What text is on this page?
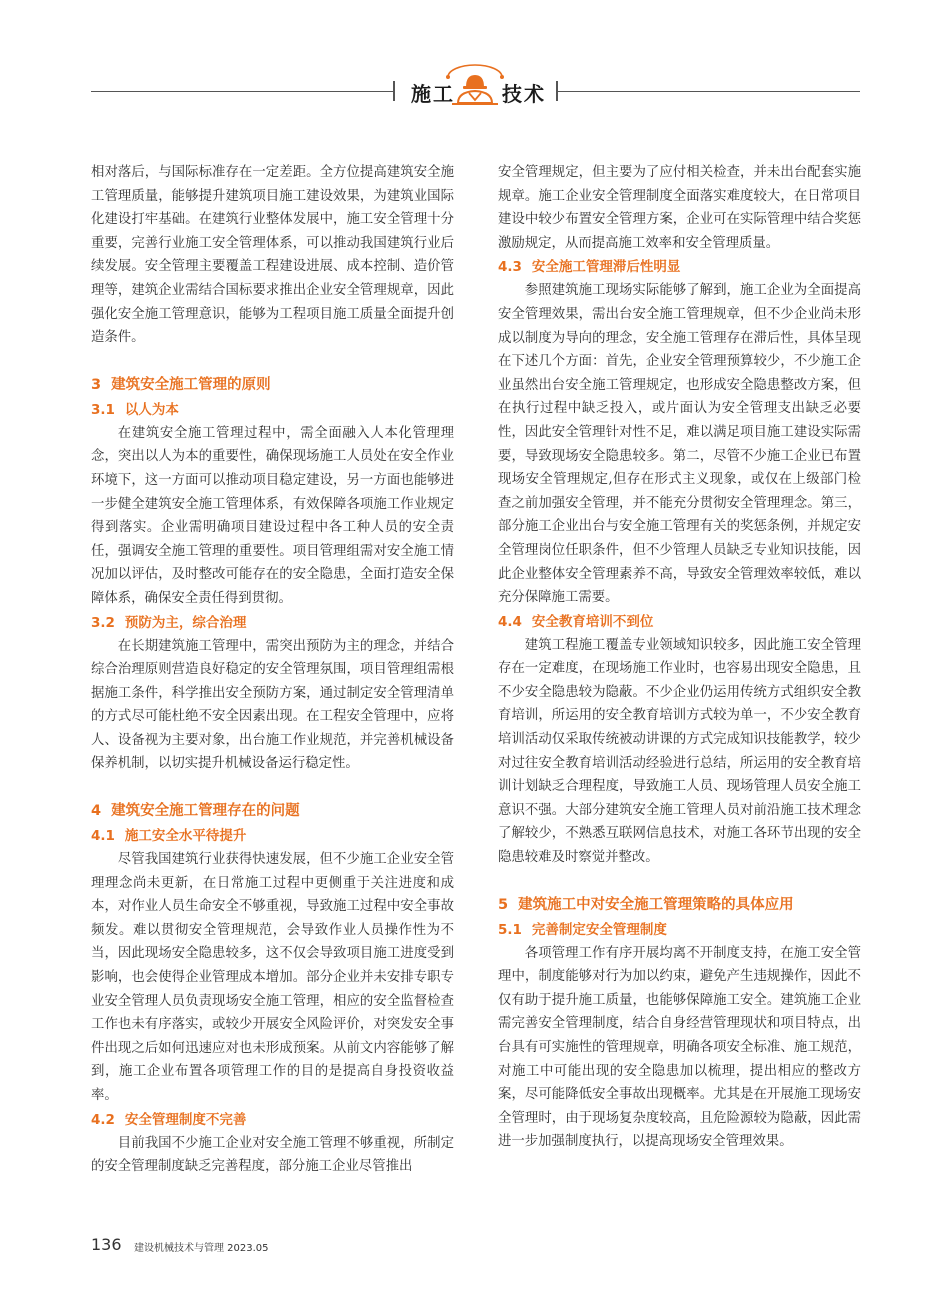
施工 技术

相对落后，与国际标准存在一定差距。全方位提高建筑安全施工管理质量，能够提升建筑项目施工建设效果，为建筑业国际化建设打牢基础。在建筑行业整体发展中，施工安全管理十分重要，完善行业施工安全管理体系，可以推动我国建筑行业后续发展。安全管理主要覆盖工程建设进展、成本控制、造价管理等，建筑企业需结合国标要求推出企业安全管理规章，因此强化安全施工管理意识，能够为工程项目施工质量全面提升创造条件。

3 建筑安全施工管理的原则
3.1 以人为本

在建筑安全施工管理过程中，需全面融入人本化管理理念，突出以人为本的重要性，确保现场施工人员处在安全作业环境下，这一方面可以推动项目稳定建设，另一方面也能够进一步健全建筑安全施工管理体系，有效保障各项施工作业规定得到落实。企业需明确项目建设过程中各工种人员的安全责任，强调安全施工管理的重要性。项目管理组需对安全施工情况加以评估，及时整改可能存在的安全隐患，全面打造安全保障体系，确保安全责任得到贯彻。

3.2 预防为主，综合治理

在长期建筑施工管理中，需突出预防为主的理念，并结合综合治理原则营造良好稳定的安全管理氛围，项目管理组需根据施工条件，科学推出安全预防方案，通过制定安全管理清单的方式尽可能杜绝不安全因素出现。在工程安全管理中，应将人、设备视为主要对象，出台施工作业规范，并完善机械设备保养机制，以切实提升机械设备运行稳定性。

4 建筑安全施工管理存在的问题
4.1 施工安全水平待提升

尽管我国建筑行业获得快速发展，但不少施工企业安全管理理念尚未更新，在日常施工过程中更侧重于关注进度和成本，对作业人员生命安全不够重视，导致施工过程中安全事故频发。难以贯彻安全管理规范，会导致作业人员操作性为不当，因此现场安全隐患较多，这不仅会导致项目施工进度受到影响，也会使得企业管理成本增加。部分企业并未安排专职专业安全管理人员负责现场安全施工管理，相应的安全监督检查工作也未有序落实，或较少开展安全风险评价，对突发安全事件出现之后如何迅速应对也未形成预案。从前文内容能够了解到，施工企业布置各项管理工作的目的是提高自身投资收益率。

4.2 安全管理制度不完善

目前我国不少施工企业对安全施工管理不够重视，所制定的安全管理制度缺乏完善程度，部分施工企业尽管推出

安全管理规定，但主要为了应付相关检查，并未出台配套实施规章。施工企业安全管理制度全面落实难度较大，在日常项目建设中较少布置安全管理方案，企业可在实际管理中结合奖惩激励规定，从而提高施工效率和安全管理质量。

4.3 安全施工管理滞后性明显

参照建筑施工现场实际能够了解到，施工企业为全面提高安全管理效果，需出台安全施工管理规章，但不少企业尚未形成以制度为导向的理念，安全施工管理存在滞后性，具体呈现在下述几个方面：首先，企业安全管理预算较少，不少施工企业虽然出台安全施工管理规定，也形成安全隐患整改方案，但在执行过程中缺乏投入，或片面认为安全管理支出缺乏必要性，因此安全管理针对性不足，难以满足项目施工建设实际需要，导致现场安全隐患较多。第二，尽管不少施工企业已布置现场安全管理规定,但存在形式主义现象，或仅在上级部门检查之前加强安全管理，并不能充分贯彻安全管理理念。第三，部分施工企业出台与安全施工管理有关的奖惩条例，并规定安全管理岗位任职条件，但不少管理人员缺乏专业知识技能，因此企业整体安全管理素养不高，导致安全管理效率较低，难以充分保障施工需要。

4.4 安全教育培训不到位

建筑工程施工覆盖专业领域知识较多，因此施工安全管理存在一定难度，在现场施工作业时，也容易出现安全隐患，且不少安全隐患较为隐蔽。不少企业仍运用传统方式组织安全教育培训，所运用的安全教育培训方式较为单一，不少安全教育培训活动仅采取传统被动讲课的方式完成知识技能教学，较少对过往安全教育培训活动经验进行总结，所运用的安全教育培训计划缺乏合理程度，导致施工人员、现场管理人员安全施工意识不强。大部分建筑安全施工管理人员对前沿施工技术理念了解较少，不熟悉互联网信息技术，对施工各环节出现的安全隐患较难及时察觉并整改。

5 建筑施工中对安全施工管理策略的具体应用
5.1 完善制定安全管理制度

各项管理工作有序开展均离不开制度支持，在施工安全管理中，制度能够对行为加以约束，避免产生违规操作，因此不仅有助于提升施工质量，也能够保障施工安全。建筑施工企业需完善安全管理制度，结合自身经营管理现状和项目特点，出台具有可实施性的管理规章，明确各项安全标准、施工规范，对施工中可能出现的安全隐患加以梳理，提出相应的整改方案，尽可能降低安全事故出现概率。尤其是在开展施工现场安全管理时，由于现场复杂度较高，且危险源较为隐蔽，因此需进一步加强制度执行，以提高现场安全管理效果。

136 建设机械技术与管理 2023.05
